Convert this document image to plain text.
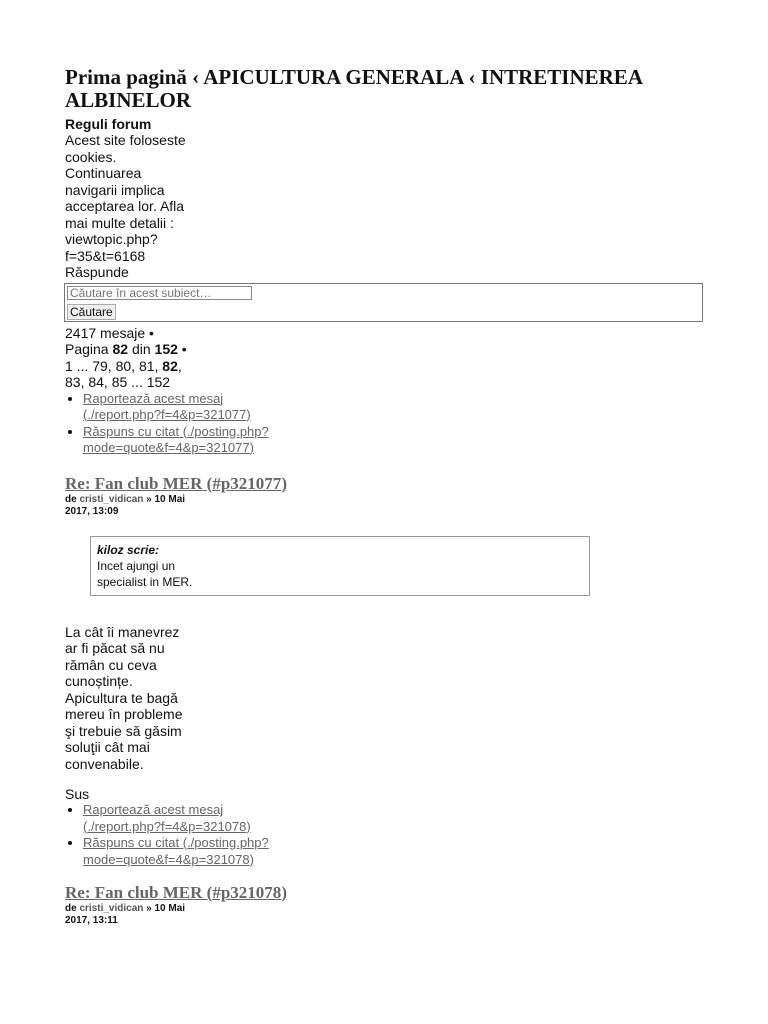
Prima pagină ‹ APICULTURA GENERALA ‹ INTRETINEREA ALBINELOR
Reguli forum
Acest site foloseste cookies. Continuarea navigarii implica acceptarea lor. Afla mai multe detalii : viewtopic.php?f=35&t=6168
Răspunde
Căutare în acest subiect…
Căutare
2417 mesaje • Pagina 82 din 152 • 1 ... 79, 80, 81, 82, 83, 84, 85 ... 152
• Raportează acest mesaj (./report.php?f=4&p=321077)
• Răspuns cu citat (./posting.php?mode=quote&f=4&p=321077)
Re: Fan club MER (#p321077)
de cristi_vidican » 10 Mai 2017, 13:09
kiloz scrie:
Incet ajungi un specialist in MER.
La cât îi manevrez ar fi păcat să nu rămân cu ceva cunoștințe. Apicultura te bagă mereu în probleme şi trebuie să găsim soluţii cât mai convenabile.
Sus
• Raportează acest mesaj (./report.php?f=4&p=321078)
• Răspuns cu citat (./posting.php?mode=quote&f=4&p=321078)
Re: Fan club MER (#p321078)
de cristi_vidican » 10 Mai 2017, 13:11
